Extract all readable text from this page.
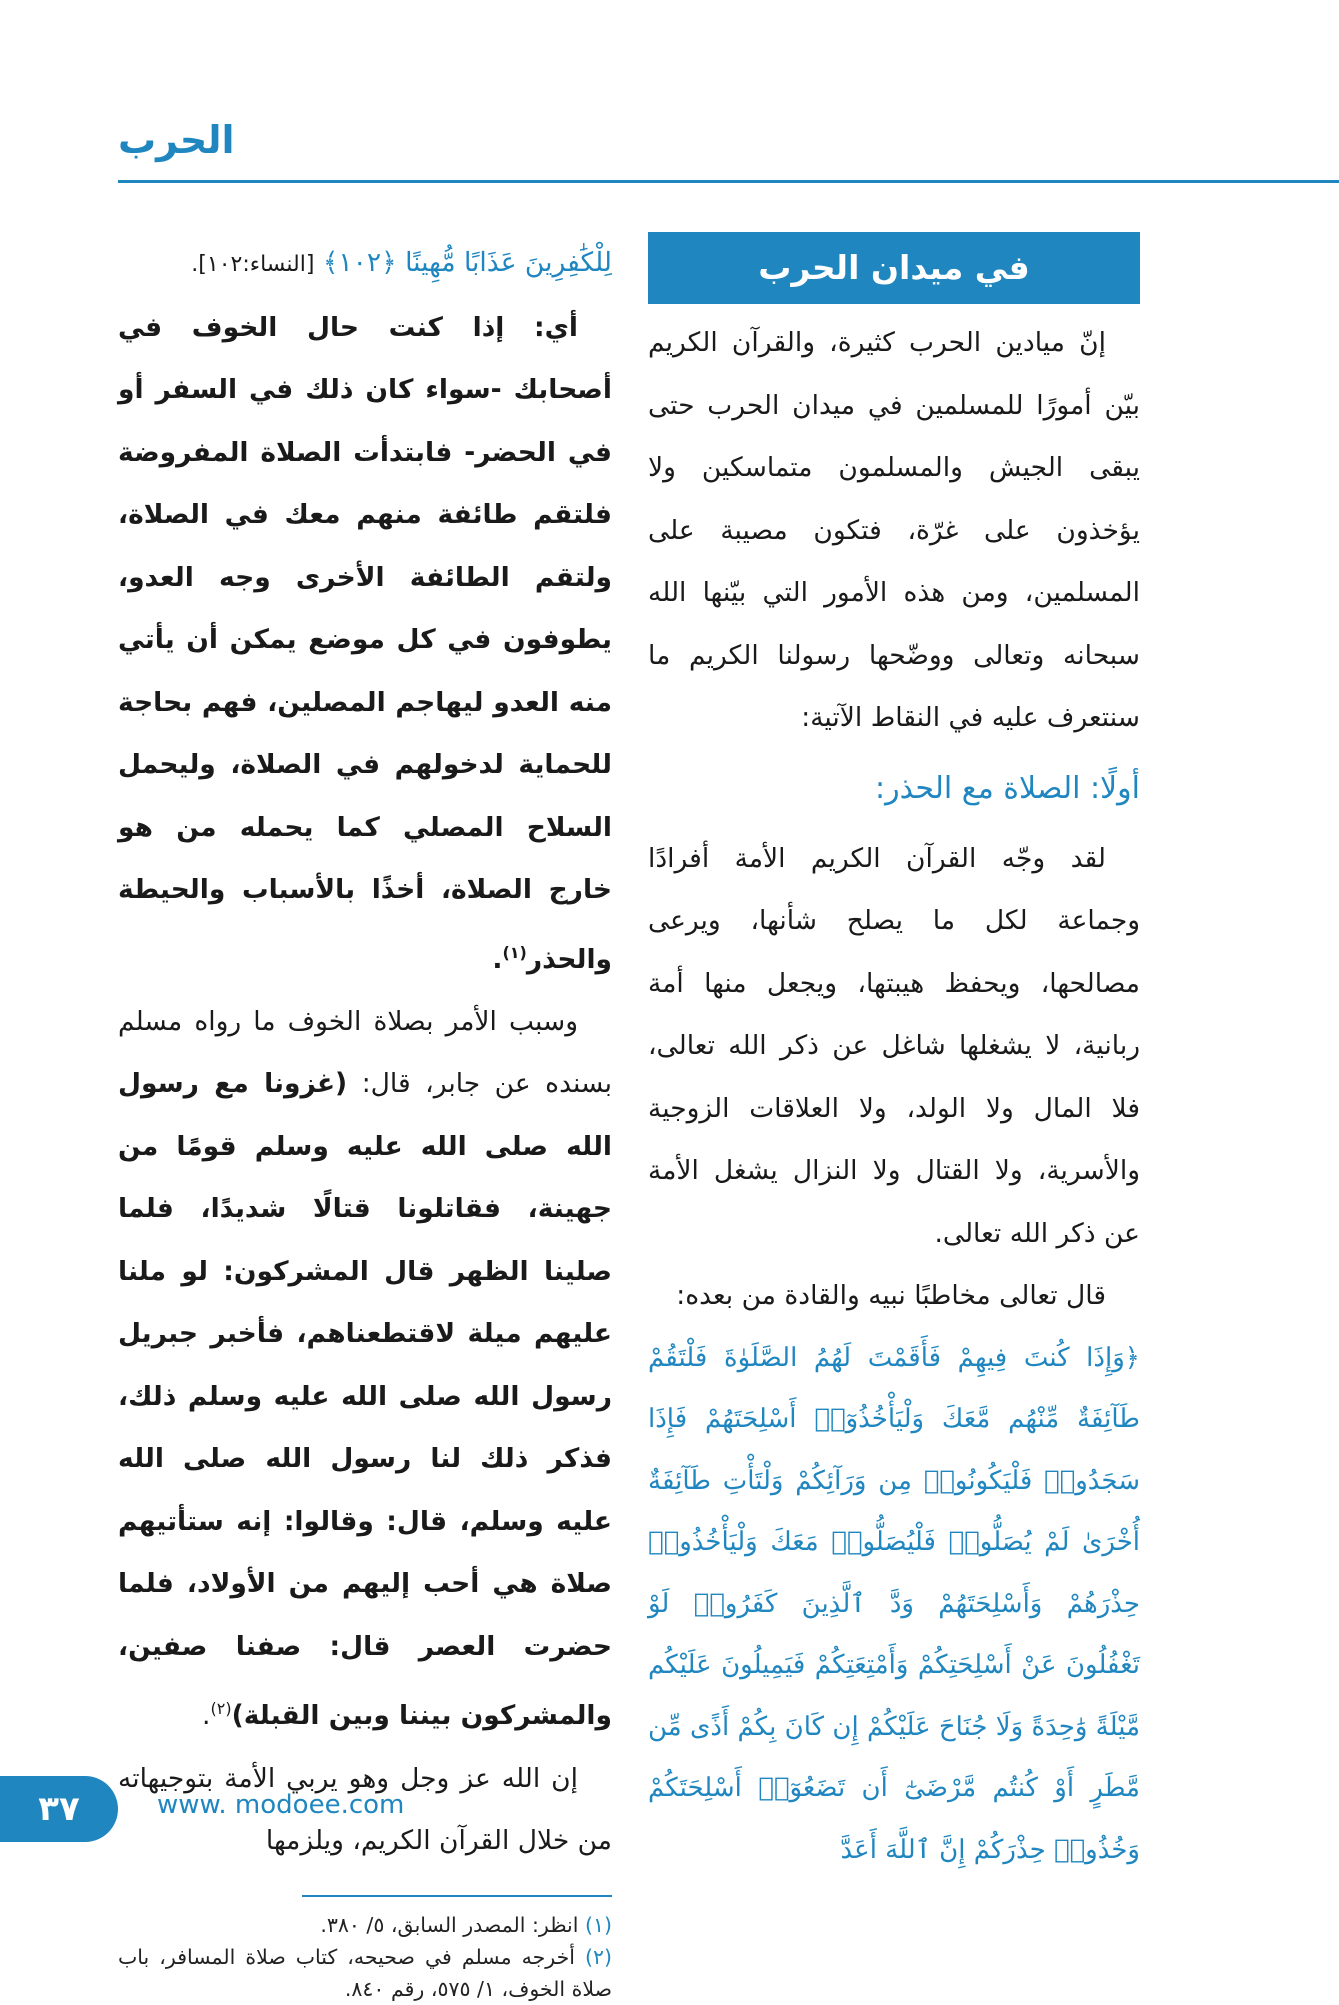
الحرب
في ميدان الحرب

إنّ ميادين الحرب كثيرة، والقرآن الكريم بيّن أمورًا للمسلمين في ميدان الحرب حتى يبقى الجيش والمسلمون متماسكين ولا يؤخذون على غرّة، فتكون مصيبة على المسلمين، ومن هذه الأمور التي بيّنها الله سبحانه وتعالى ووضّحها رسولنا الكريم ما سنتعرف عليه في النقاط الآتية:

أولًا: الصلاة مع الحذر:

لقد وجّه القرآن الكريم الأمة أفرادًا وجماعة لكل ما يصلح شأنها، ويرعى مصالحها، ويحفظ هيبتها، ويجعل منها أمة ربانية، لا يشغلها شاغل عن ذكر الله تعالى، فلا المال ولا الولد، ولا العلاقات الزوجية والأسرية، ولا القتال ولا النزال يشغل الأمة عن ذكر الله تعالى.

قال تعالى مخاطبًا نبيه والقادة من بعده:

﴿وَإِذَا كُنتَ فِيهِمْ فَأَقَمْتَ لَهُمُ الصَّلَوٰةَ فَلْتَقُمْ طَآئِفَةٌ مِّنْهُم مَّعَكَ وَلْيَأْخُذُوٓا۟ أَسْلِحَتَهُمْ فَإِذَا سَجَدُوا۟ فَلْيَكُونُوا۟ مِن وَرَآئِكُمْ وَلْتَأْتِ طَآئِفَةٌ أُخْرَىٰ لَمْ يُصَلُّوا۟ فَلْيُصَلُّوا۟ مَعَكَ وَلْيَأْخُذُوا۟ حِذْرَهُمْ وَأَسْلِحَتَهُمْ وَدَّ ٱلَّذِينَ كَفَرُوا۟ لَوْ تَغْفُلُونَ عَنْ أَسْلِحَتِكُمْ وَأَمْتِعَتِكُمْ فَيَمِيلُونَ عَلَيْكُم مَّيْلَةً وَٰحِدَةً وَلَا جُنَاحَ عَلَيْكُمْ إِن كَانَ بِكُمْ أَذًى مِّن مَّطَرٍ أَوْ كُنتُم مَّرْضَىٰٓ أَن تَضَعُوٓا۟ أَسْلِحَتَكُمْ وَخُذُوا۟ حِذْرَكُمْ إِنَّ ٱللَّهَ أَعَدَّ

لِلْكَٰفِرِينَ عَذَابًا مُّهِينًا ﴿١٠٢﴾ [النساء:١٠٢].

أي: إذا كنت حال الخوف في أصحابك -سواء كان ذلك في السفر أو في الحضر- فابتدأت الصلاة المفروضة فلتقم طائفة منهم معك في الصلاة، ولتقم الطائفة الأخرى وجه العدو، يطوفون في كل موضع يمكن أن يأتي منه العدو ليهاجم المصلين، فهم بحاجة للحماية لدخولهم في الصلاة، وليحمل السلاح المصلي كما يحمله من هو خارج الصلاة، أخذًا بالأسباب والحيطة والحذر$^{(١)}$.

وسبب الأمر بصلاة الخوف ما رواه مسلم بسنده عن جابر، قال: (غزونا مع رسول الله صلى الله عليه وسلم قومًا من جهينة، فقاتلونا قتالًا شديدًا، فلما صلينا الظهر قال المشركون: لو ملنا عليهم ميلة لاقتطعناهم، فأخبر جبريل رسول الله صلى الله عليه وسلم ذلك، فذكر ذلك لنا رسول الله صلى الله عليه وسلم، قال: وقالوا: إنه ستأتيهم صلاة هي أحب إليهم من الأولاد، فلما حضرت العصر قال: صفنا صفين، والمشركون بيننا وبين القبلة)$^{(٢)}$.

إن الله عز وجل وهو يربي الأمة بتوجيهاته من خلال القرآن الكريم، ويلزمها

(١) انظر: المصدر السابق، ٥/ ٣٨٠.
(٢) أخرجه مسلم في صحيحه، كتاب صلاة المسافر، باب صلاة الخوف، ١/ ٥٧٥، رقم ٨٤٠.
٣٧	www. modoee.com
